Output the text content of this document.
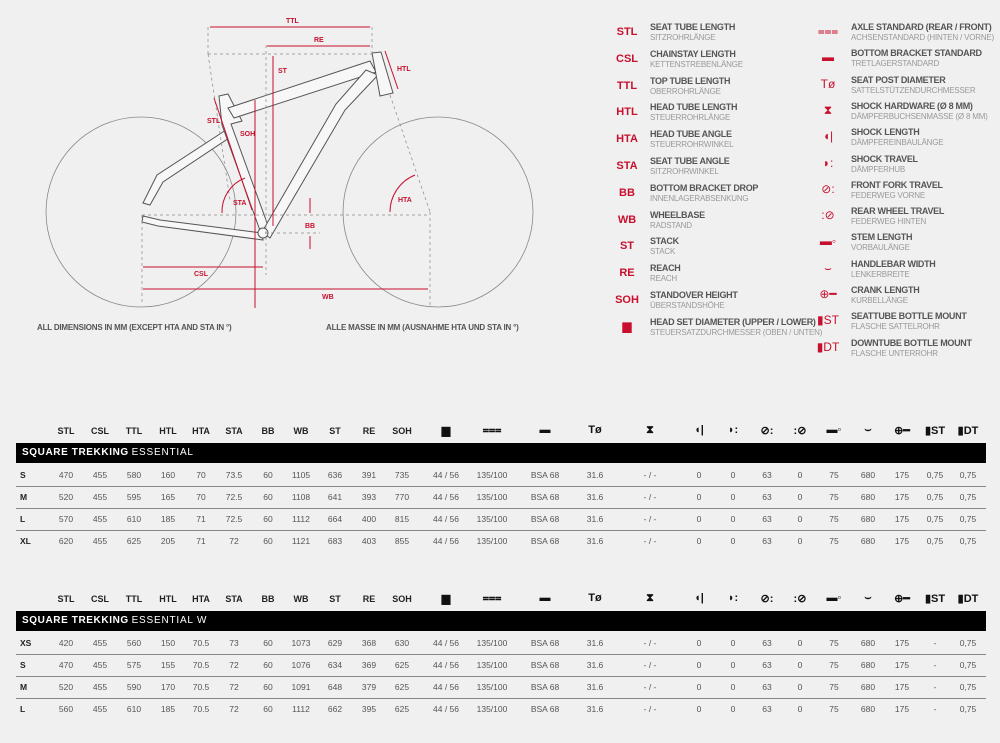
TTL
RE
ST	HTL
STL
SOH
STA	HTA
BB
CSL
WB
ALL DIMENSIONS IN MM (EXCEPT HTA AND STA IN °)	ALLE MASSE IN MM (AUSNAHME HTA UND STA IN °)
STL	SEAT TUBE LENGTH
SITZROHRLÄNGE
CSL	CHAINSTAY LENGTH
KETTENSTREBENLÄNGE
TTL	TOP TUBE LENGTH
OBERROHRLÄNGE
HTL	HEAD TUBE LENGTH
STEUERROHRLÄNGE
HTA	HEAD TUBE ANGLE
STEUERROHRWINKEL
STA	SEAT TUBE ANGLE
SITZROHRWINKEL
BB	BOTTOM BRACKET DROP
INNENLAGERABSENKUNG
WB	WHEELBASE
RADSTAND
ST	STACK
STACK
RE	REACH
REACH
SOH	STANDOVER HEIGHT
ÜBERSTANDSHÖHE
▆	HEAD SET DIAMETER (UPPER / LOWER)
STEUERSATZDURCHMESSER (OBEN / UNTEN)
⩶	AXLE STANDARD (REAR / FRONT)
ACHSENSTANDARD (HINTEN / VORNE)
▬	BOTTOM BRACKET STANDARD
TRETLAGERSTANDARD
Tø	SEAT POST DIAMETER
SATTELSTÜTZENDURCHMESSER
⧗	SHOCK HARDWARE (Ø 8 MM)
DÄMPFERBUCHSENMASSE (Ø 8 MM)
◖|	SHOCK LENGTH
DÄMPFEREINBAULÄNGE
◗:	SHOCK TRAVEL
DÄMPFERHUB
⊘:	FRONT FORK TRAVEL
FEDERWEG VORNE
:⊘	REAR WHEEL TRAVEL
FEDERWEG HINTEN
▬◦	STEM LENGTH
VORBAULÄNGE
⌣	HANDLEBAR WIDTH
LENKERBREITE
⊕━	CRANK LENGTH
KURBELLÄNGE
▮ST	SEATTUBE BOTTLE MOUNT
FLASCHE SATTELROHR
▮DT	DOWNTUBE BOTTLE MOUNT
FLASCHE UNTERROHR
STL	CSL	TTL	HTL	HTA	STA	BB	WB	ST	RE	SOH	▆	⩶	▬	Tø	⧗	◖|	◗:	⊘:	:⊘	▬◦	⌣	⊕━	▮ST	▮DT
SQUARE TREKKING ESSENTIAL
S	470	455	580	160	70	73.5	60	1105	636	391	735	44 / 56	135/100	BSA 68	31.6	- / -	0	0	63	0	75	680	175	0,75	0,75
M	520	455	595	165	70	72.5	60	1108	641	393	770	44 / 56	135/100	BSA 68	31.6	- / -	0	0	63	0	75	680	175	0,75	0,75
L	570	455	610	185	71	72.5	60	1112	664	400	815	44 / 56	135/100	BSA 68	31.6	- / -	0	0	63	0	75	680	175	0,75	0,75
XL	620	455	625	205	71	72	60	1121	683	403	855	44 / 56	135/100	BSA 68	31.6	- / -	0	0	63	0	75	680	175	0,75	0,75
STL	CSL	TTL	HTL	HTA	STA	BB	WB	ST	RE	SOH	▆	⩶	▬	Tø	⧗	◖|	◗:	⊘:	:⊘	▬◦	⌣	⊕━	▮ST	▮DT
SQUARE TREKKING ESSENTIAL W
XS	420	455	560	150	70.5	73	60	1073	629	368	630	44 / 56	135/100	BSA 68	31.6	- / -	0	0	63	0	75	680	175	-	0,75
S	470	455	575	155	70.5	72	60	1076	634	369	625	44 / 56	135/100	BSA 68	31.6	- / -	0	0	63	0	75	680	175	-	0,75
M	520	455	590	170	70.5	72	60	1091	648	379	625	44 / 56	135/100	BSA 68	31.6	- / -	0	0	63	0	75	680	175	-	0,75
L	560	455	610	185	70.5	72	60	1112	662	395	625	44 / 56	135/100	BSA 68	31.6	- / -	0	0	63	0	75	680	175	-	0,75
